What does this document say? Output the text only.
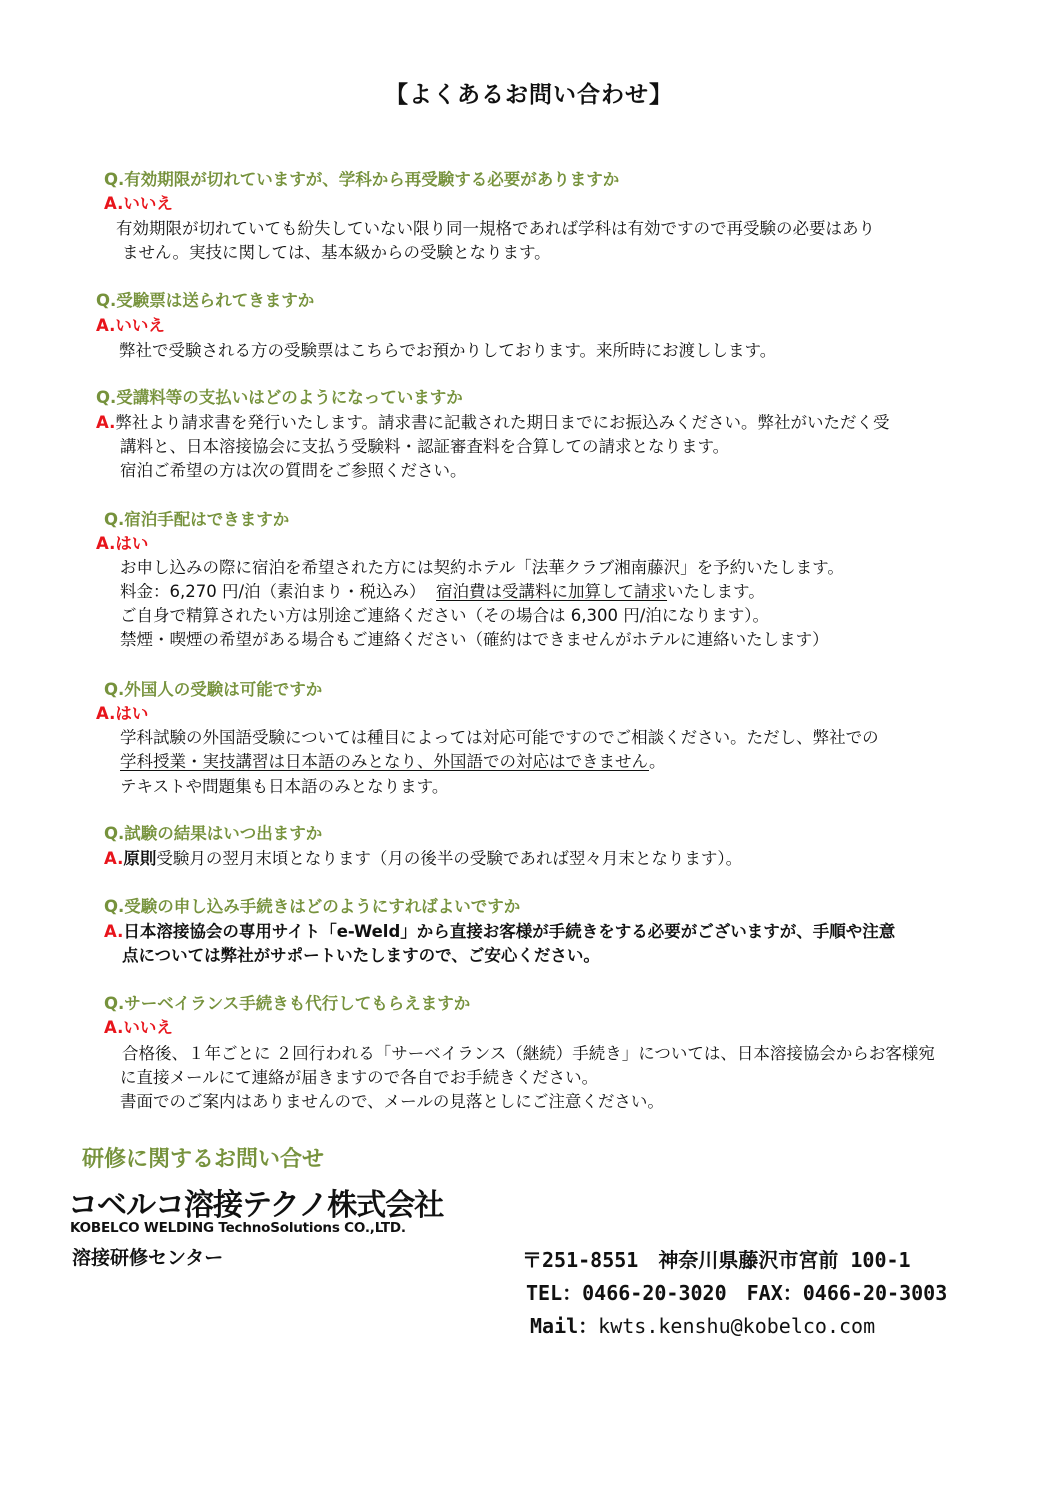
【よくあるお問い合わせ】
Q.有効期限が切れていますが、学科から再受験する必要がありますか
A.いいえ
有効期限が切れていても紛失していない限り同一規格であれば学科は有効ですので再受験の必要はあり
ません。実技に関しては、基本級からの受験となります。
Q.受験票は送られてきますか
A.いいえ
弊社で受験される方の受験票はこちらでお預かりしております。来所時にお渡しします。
Q.受講料等の支払いはどのようになっていますか
A.弊社より請求書を発行いたします。請求書に記載された期日までにお振込みください。弊社がいただく受
講料と、日本溶接協会に支払う受験料・認証審査料を合算しての請求となります。
宿泊ご希望の方は次の質問をご参照ください。
Q.宿泊手配はできますか
A.はい
お申し込みの際に宿泊を希望された方には契約ホテル「法華クラブ湘南藤沢」を予約いたします。
料金：6,270 円/泊（素泊まり・税込み） 宿泊費は受講料に加算して請求いたします。
ご自身で精算されたい方は別途ご連絡ください（その場合は 6,300 円/泊になります）。
禁煙・喫煙の希望がある場合もご連絡ください（確約はできませんがホテルに連絡いたします）
Q.外国人の受験は可能ですか
A.はい
学科試験の外国語受験については種目によっては対応可能ですのでご相談ください。ただし、弊社での
学科授業・実技講習は日本語のみとなり、外国語での対応はできません。
テキストや問題集も日本語のみとなります。
Q.試験の結果はいつ出ますか
A.原則受験月の翌月末頃となります（月の後半の受験であれば翌々月末となります）。
Q.受験の申し込み手続きはどのようにすればよいですか
A.日本溶接協会の専用サイト「e-Weld」から直接お客様が手続きをする必要がございますが、手順や注意
点については弊社がサポートいたしますので、ご安心ください。
Q.サーベイランス手続きも代行してもらえますか
A.いいえ
合格後、１年ごとに ２回行われる「サーベイランス（継続）手続き」については、日本溶接協会からお客様宛
に直接メールにて連絡が届きますので各自でお手続きください。
書面でのご案内はありませんので、メールの見落としにご注意ください。
研修に関するお問い合せ
コベルコ溶接テクノ株式会社
KOBELCO WELDING TechnoSolutions CO.,LTD.
溶接研修センター	〒251-8551　神奈川県藤沢市宮前 100-1
TEL：0466-20-3020　FAX：0466-20-3003
Mail：kwts.kenshu@kobelco.com
